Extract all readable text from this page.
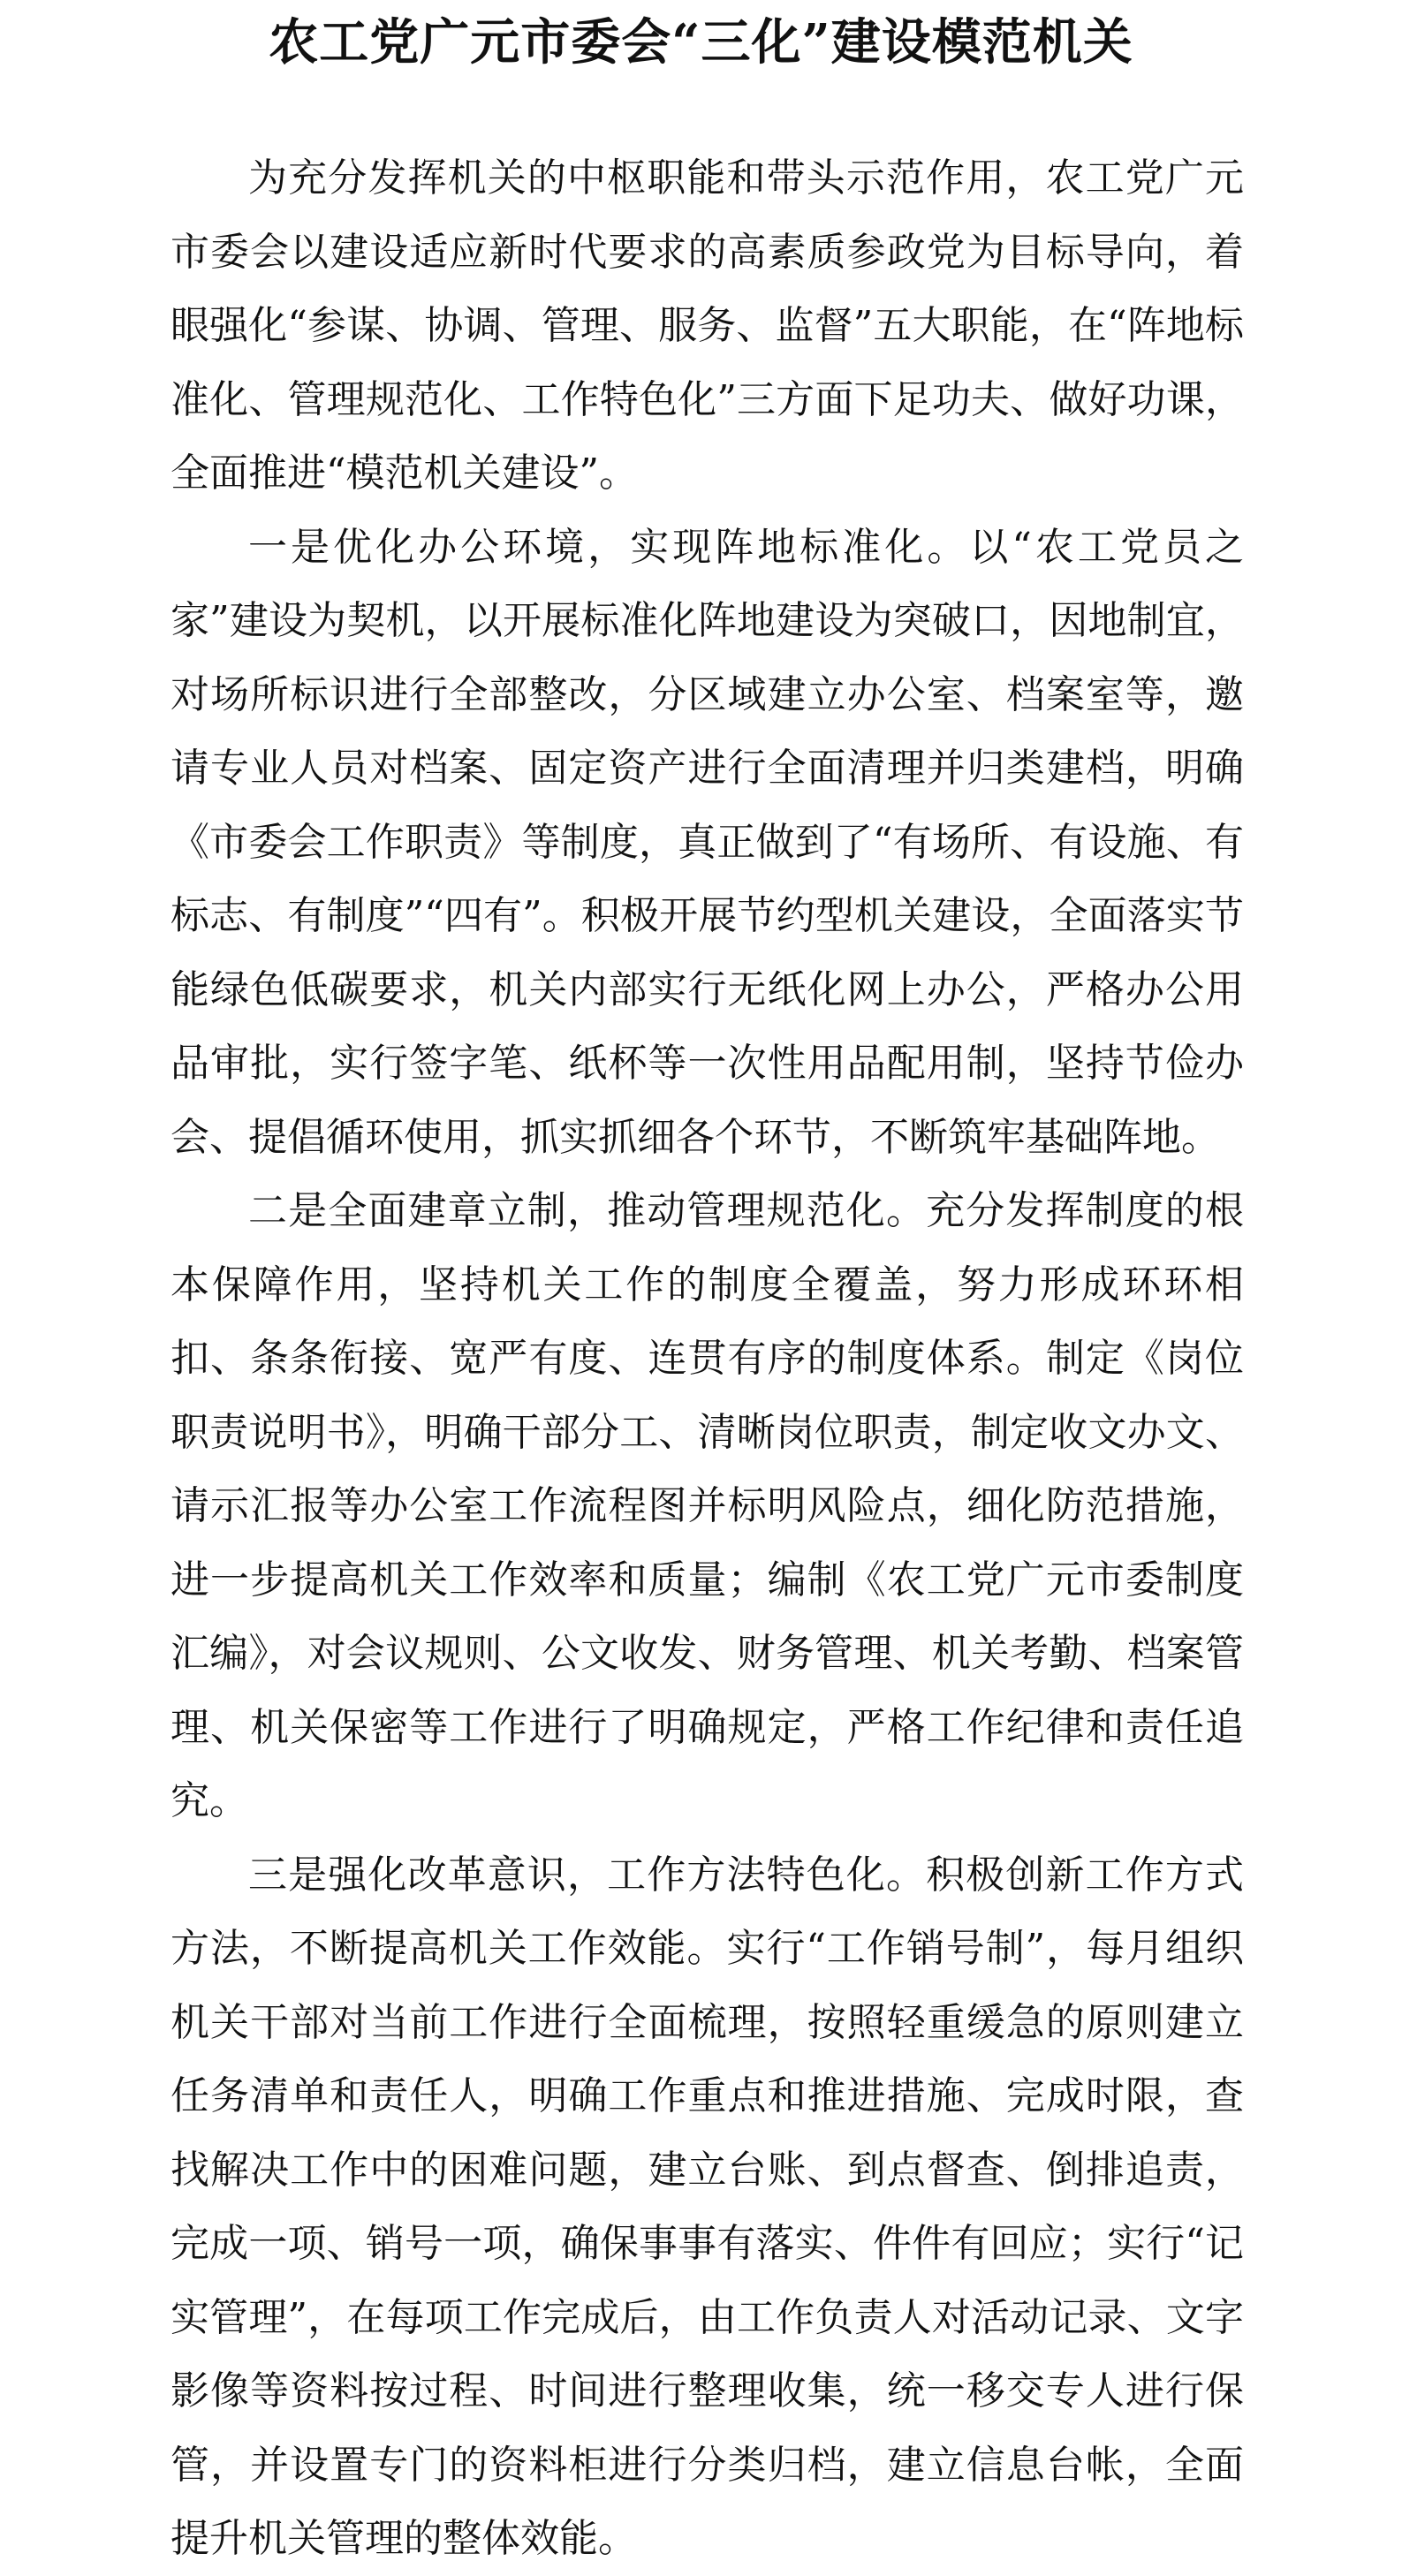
农工党广元市委会“三化”建设模范机关

为充分发挥机关的中枢职能和带头示范作用，农工党广元市委会以建设适应新时代要求的高素质参政党为目标导向，着眼强化“参谋、协调、管理、服务、监督”五大职能，在“阵地标准化、管理规范化、工作特色化”三方面下足功夫、做好功课，全面推进“模范机关建设”。

一是优化办公环境，实现阵地标准化。以“农工党员之家”建设为契机，以开展标准化阵地建设为突破口，因地制宜，对场所标识进行全部整改，分区域建立办公室、档案室等，邀请专业人员对档案、固定资产进行全面清理并归类建档，明确《市委会工作职责》等制度，真正做到了“有场所、有设施、有标志、有制度”“四有”。积极开展节约型机关建设，全面落实节能绿色低碳要求，机关内部实行无纸化网上办公，严格办公用品审批，实行签字笔、纸杯等一次性用品配用制，坚持节俭办会、提倡循环使用，抓实抓细各个环节，不断筑牢基础阵地。

二是全面建章立制，推动管理规范化。充分发挥制度的根本保障作用，坚持机关工作的制度全覆盖，努力形成环环相扣、条条衔接、宽严有度、连贯有序的制度体系。制定《岗位职责说明书》，明确干部分工、清晰岗位职责，制定收文办文、请示汇报等办公室工作流程图并标明风险点，细化防范措施，进一步提高机关工作效率和质量；编制《农工党广元市委制度汇编》，对会议规则、公文收发、财务管理、机关考勤、档案管理、机关保密等工作进行了明确规定，严格工作纪律和责任追究。

三是强化改革意识，工作方法特色化。积极创新工作方式方法，不断提高机关工作效能。实行“工作销号制”，每月组织机关干部对当前工作进行全面梳理，按照轻重缓急的原则建立任务清单和责任人，明确工作重点和推进措施、完成时限，查找解决工作中的困难问题，建立台账、到点督查、倒排追责，完成一项、销号一项，确保事事有落实、件件有回应；实行“记实管理”，在每项工作完成后，由工作负责人对活动记录、文字影像等资料按过程、时间进行整理收集，统一移交专人进行保管，并设置专门的资料柜进行分类归档，建立信息台帐，全面提升机关管理的整体效能。
